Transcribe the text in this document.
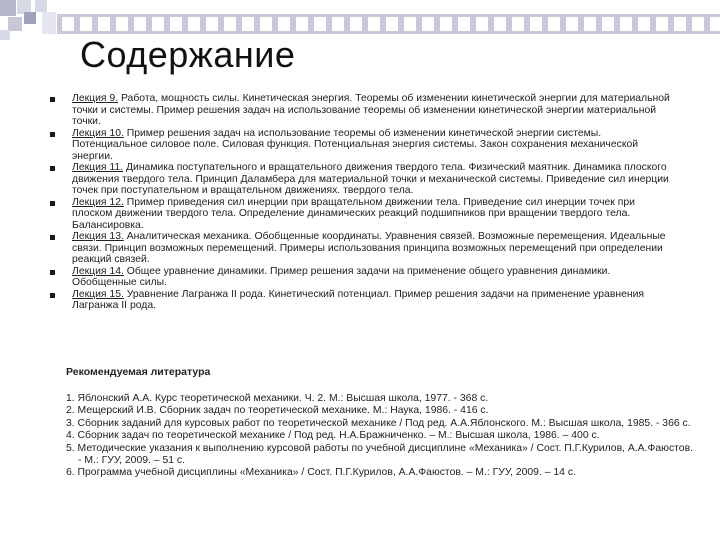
Содержание
Лекция 9. Работа, мощность силы. Кинетическая энергия. Теоремы об изменении кинетической энергии для материальной точки и системы. Пример решения задач на использование теоремы об изменении кинетической энергии материальной точки.
Лекция 10. Пример решения задач на использование теоремы об изменении кинетической энергии системы. Потенциальное силовое поле. Силовая функция. Потенциальная энергия системы. Закон сохранения механической энергии.
Лекция 11. Динамика поступательного и вращательного движения твердого тела. Физический маятник. Динамика плоского движения твердого тела. Принцип Даламбера для материальной точки и механической системы. Приведение сил инерции точек при поступательном и вращательном движениях. твердого тела.
Лекция 12. Пример приведения сил инерции при вращательном движении тела. Приведение сил инерции точек при плоском движении твердого тела. Определение динамических реакций подшипников при вращении твердого тела. Балансировка.
Лекция 13. Аналитическая механика. Обобщенные координаты. Уравнения связей. Возможные перемещения. Идеальные связи. Принцип возможных перемещений. Примеры использования принципа возможных перемещений при определении реакций связей.
Лекция 14. Общее уравнение динамики. Пример решения задачи на применение общего уравнения динамики. Обобщенные силы.
Лекция 15. Уравнение Лагранжа II рода. Кинетический потенциал. Пример решения задачи на применение уравнения Лагранжа II рода.
Рекомендуемая литература
1. Яблонский А.А. Курс теоретической механики. Ч. 2. М.: Высшая школа, 1977. - 368 с.
2. Мещерский И.В. Сборник задач по теоретической механике. М.: Наука, 1986. - 416 с.
3. Сборник заданий для курсовых работ по теоретической механике / Под ред. А.А.Яблонского. М.: Высшая школа, 1985. - 366 с.
4. Сборник задач по теоретической механике / Под ред. Н.А.Бражниченко. – М.: Высшая школа, 1986. – 400 с.
5. Методические указания к выполнению курсовой работы по учебной дисциплине «Механика» / Сост. П.Г.Курилов, А.А.Фаюстов. - М.: ГУУ, 2009. – 51 с.
6. Программа учебной дисциплины «Механика» / Сост. П.Г.Курилов, А.А.Фаюстов. – М.: ГУУ, 2009. – 14 с.
